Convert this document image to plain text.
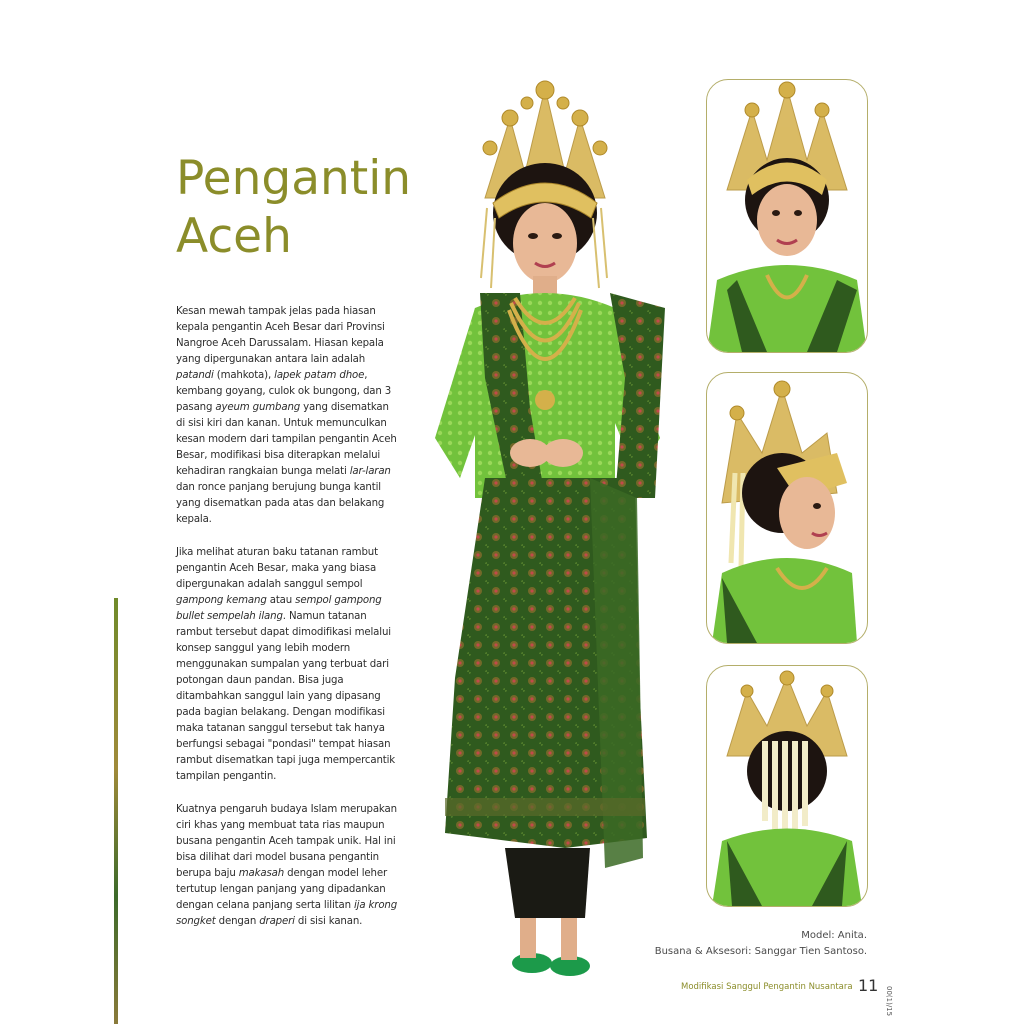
Pengantin
Aceh

Kesan mewah tampak jelas pada hiasan kepala pengantin Aceh Besar dari Provinsi Nangroe Aceh Darussalam. Hiasan kepala yang dipergunakan antara lain adalah patandi (mahkota), lapek patam dhoe, kembang goyang, culok ok bungong, dan 3 pasang ayeum gumbang yang disematkan di sisi kiri dan kanan. Untuk memunculkan kesan modern dari tampilan pengantin Aceh Besar, modifikasi bisa diterapkan melalui kehadiran rangkaian bunga melati lar-laran dan ronce panjang berujung bunga kantil yang disematkan pada atas dan belakang kepala.

Jika melihat aturan baku tatanan rambut pengantin Aceh Besar, maka yang biasa dipergunakan adalah sanggul sempol gampong kemang atau sempol gampong bullet sempelah ilang. Namun tatanan rambut tersebut dapat dimodifikasi melalui konsep sanggul yang lebih modern menggunakan sumpalan yang terbuat dari potongan daun pandan. Bisa juga ditambahkan sanggul lain yang dipasang pada bagian belakang. Dengan modifikasi maka tatanan sanggul tersebut tak hanya berfungsi sebagai "pondasi" tempat hiasan rambut disematkan tapi juga mempercantik tampilan pengantin.

Kuatnya pengaruh budaya Islam merupakan ciri khas yang membuat tata rias maupun busana pengantin Aceh tampak unik. Hal ini bisa dilihat dari model busana pengantin berupa baju makasah dengan model leher tertutup lengan panjang yang dipadankan dengan celana panjang serta lilitan ija krong songket dengan draperi di sisi kanan.

Model: Anita.
Busana & Aksesori: Sanggar Tien Santoso.
Modifikasi Sanggul Pengantin Nusantara 11
00(1)/15
